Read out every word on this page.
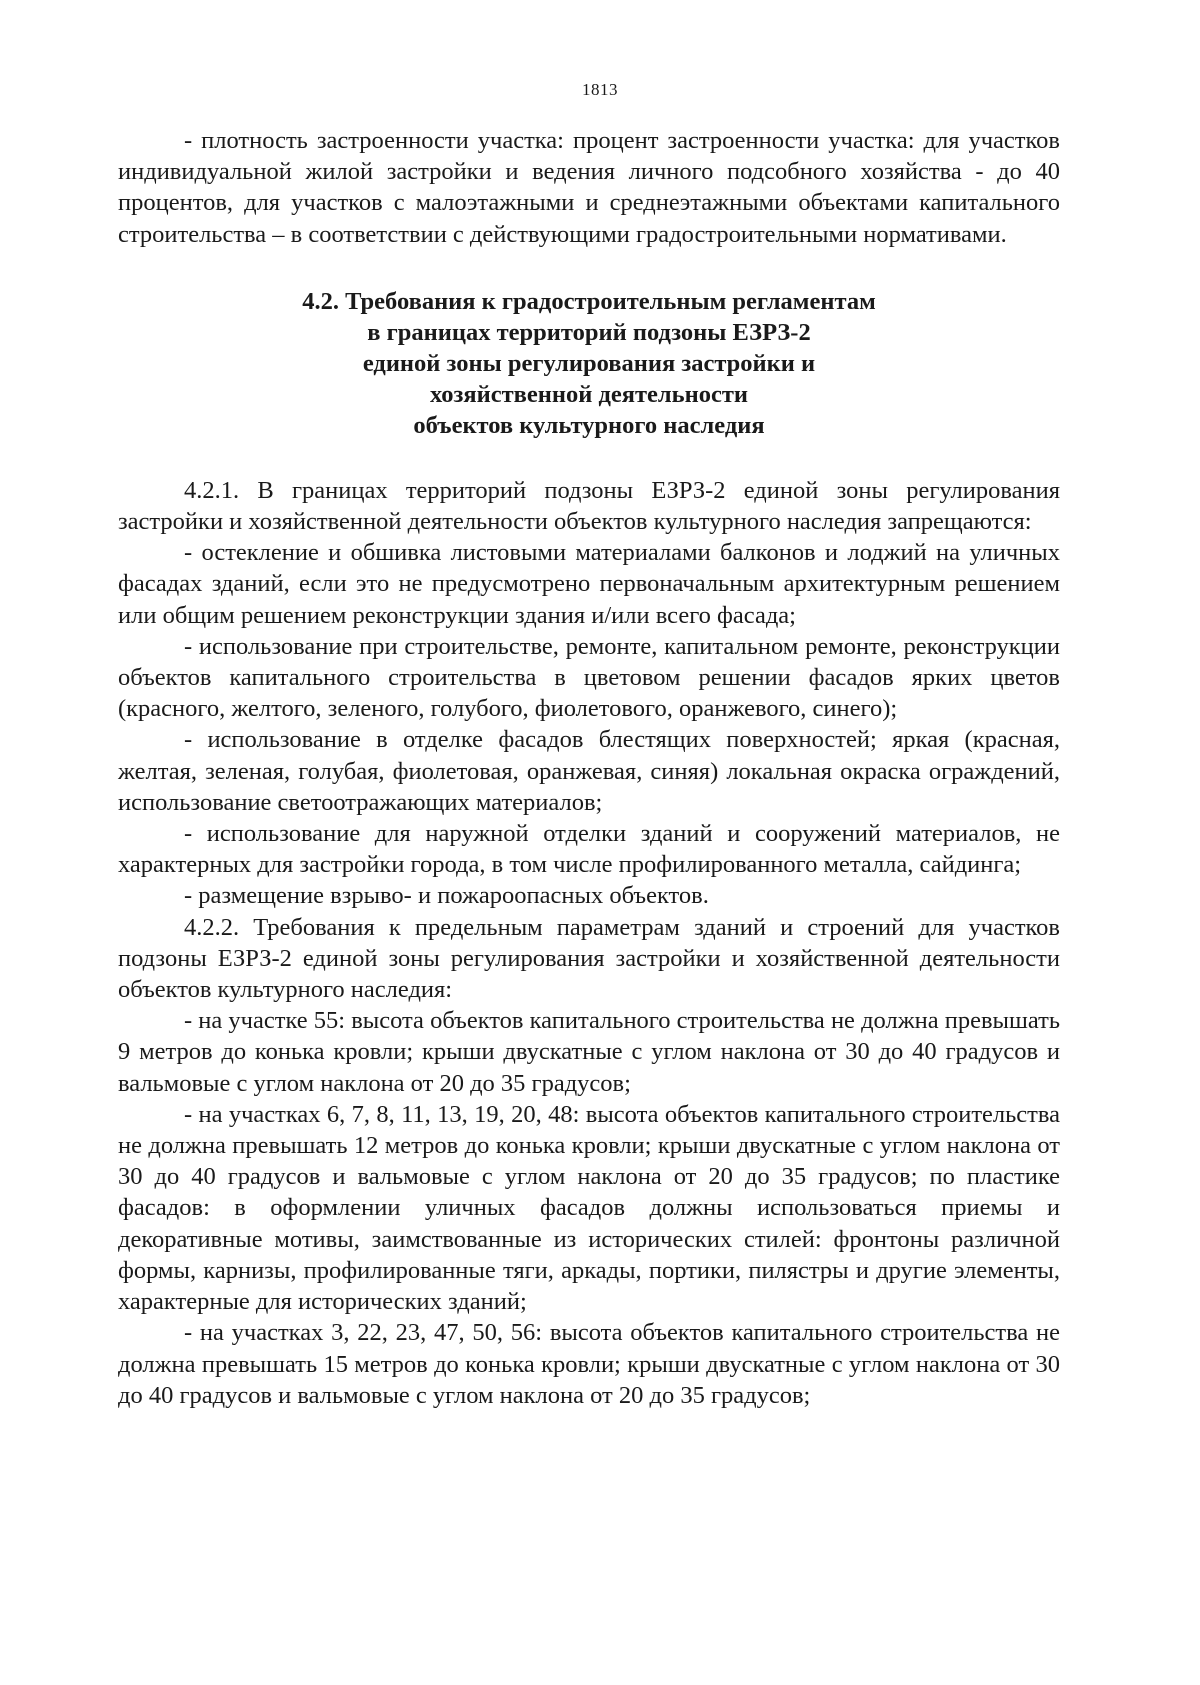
1813

- плотность застроенности участка: процент застроенности участка: для участков индивидуальной жилой застройки и ведения личного подсобного хозяйства - до 40 процентов, для участков с малоэтажными и среднеэтажными объектами капитального строительства – в соответствии с действующими градостроительными нормативами.

4.2. Требования к градостроительным регламентам
в границах территорий подзоны ЕЗРЗ-2
единой зоны регулирования застройки и
хозяйственной деятельности
объектов культурного наследия

4.2.1. В границах территорий подзоны ЕЗРЗ-2 единой зоны регулирования застройки и хозяйственной деятельности объектов культурного наследия запрещаются:

- остекление и обшивка листовыми материалами балконов и лоджий на уличных фасадах зданий, если это не предусмотрено первоначальным архитектурным решением или общим решением реконструкции здания и/или всего фасада;

- использование при строительстве, ремонте, капитальном ремонте, реконструкции объектов капитального строительства в цветовом решении фасадов ярких цветов (красного, желтого, зеленого, голубого, фиолетового, оранжевого, синего);

- использование в отделке фасадов блестящих поверхностей; яркая (красная, желтая, зеленая, голубая, фиолетовая, оранжевая, синяя) локальная окраска ограждений, использование светоотражающих материалов;

- использование для наружной отделки зданий и сооружений материалов, не характерных для застройки города, в том числе профилированного металла, сайдинга;

- размещение взрыво- и пожароопасных объектов.

4.2.2. Требования к предельным параметрам зданий и строений для участков подзоны ЕЗРЗ-2 единой зоны регулирования застройки и хозяйственной деятельности объектов культурного наследия:

- на участке 55: высота объектов капитального строительства не должна превышать 9 метров до конька кровли; крыши двускатные с углом наклона от 30 до 40 градусов и вальмовые с углом наклона от 20 до 35 градусов;

- на участках 6, 7, 8, 11, 13, 19, 20, 48: высота объектов капитального строительства не должна превышать 12 метров до конька кровли; крыши двускатные с углом наклона от 30 до 40 градусов и вальмовые с углом наклона от 20 до 35 градусов; по пластике фасадов: в оформлении уличных фасадов должны использоваться приемы и декоративные мотивы, заимствованные из исторических стилей: фронтоны различной формы, карнизы, профилированные тяги, аркады, портики, пилястры и другие элементы, характерные для исторических зданий;

- на участках 3, 22, 23, 47, 50, 56: высота объектов капитального строительства не должна превышать 15 метров до конька кровли; крыши двускатные с углом наклона от 30 до 40 градусов и вальмовые с углом наклона от 20 до 35 градусов;
